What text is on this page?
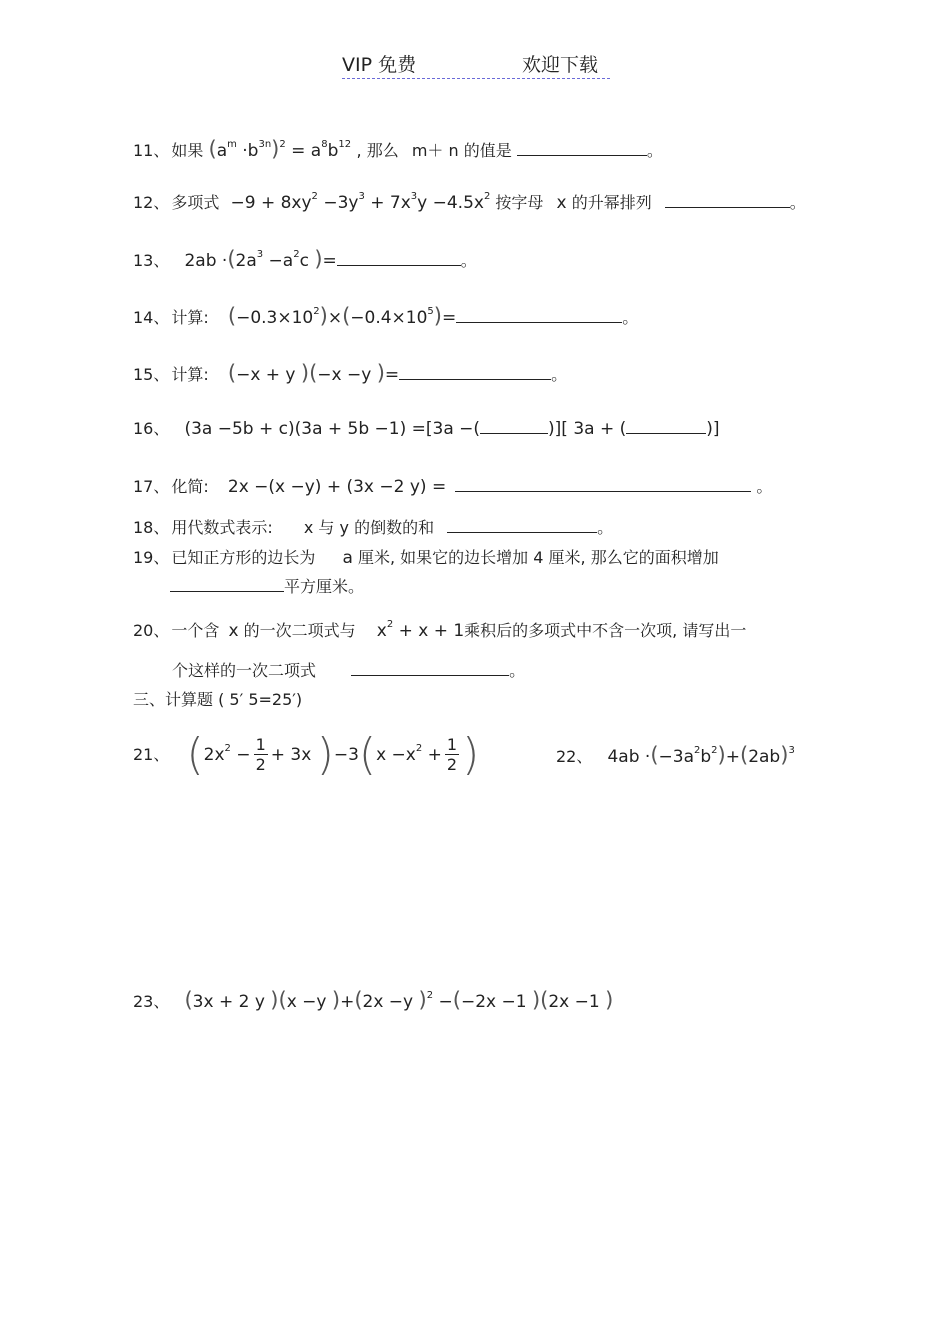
VIP 免费	欢迎下载
11、 如果 $(a^m \cdot b^{3n})^2 = a^8b^{12}$ , 那么 m＋ n 的值是	。
12、 多项式 $-9 + 8xy^2 -3y^3 + 7x^3y -4.5x^2$ 按字母 x 的升幂排列	。
13、 $2ab \cdot(2a^3 -a^2c$ )=	。
14、 计算: $(-0.3\times 10^2)\times(-0.4\times 10^5)=$	。
15、 计算: (−x + y )(−x −y )=	。
16、 (3a −5b + c)(3a + 5b −1) =[3a −(	)][ 3a + (	)]
17、 化简: 2x −(x −y) + (3x −2 y) =	。
18、 用代数式表示: x 与 y 的倒数的和	。
19、 已知正方形的边长为 a 厘米, 如果它的边长增加 4 厘米, 那么它的面积增加
平方厘米。
20、 一个含 x 的一次二项式与 $x^2 + x + 1$乘积后的多项式中不含一次项, 请写出一
个这样的一次二项式	。
三、计算题 ( 5′ 5=25′)
21、 ($2x^2 - \frac{1}{2} + 3x$ )$-3(x -x^2 + \frac{1}{2}$ )	22、 $4ab \cdot(-3a^2b^2)+(2ab)^3$
23、 (3x + 2 y )(x −y )+(2x −y )$^2$ −(−2x −1 )(2x −1 )
